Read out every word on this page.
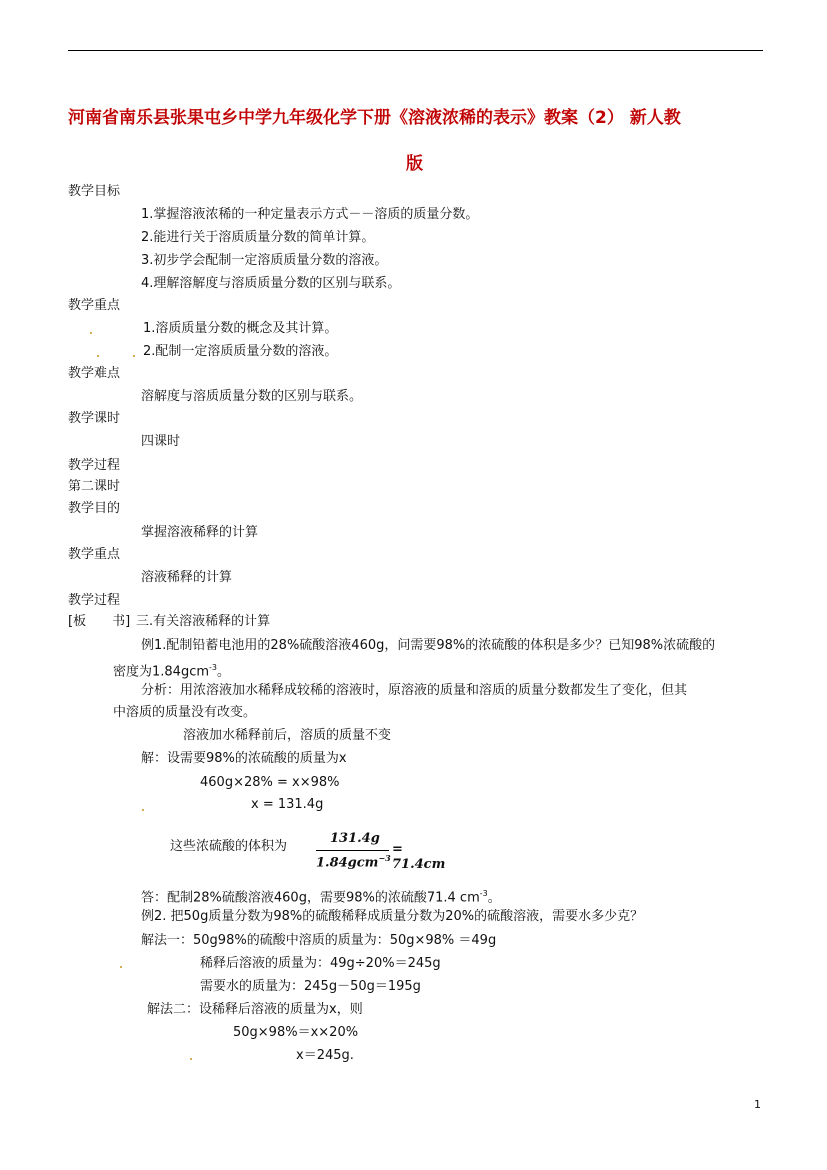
河南省南乐县张果屯乡中学九年级化学下册《溶液浓稀的表示》教案（2） 新人教
版
教学目标
1.掌握溶液浓稀的一种定量表示方式－－溶质的质量分数。
2.能进行关于溶质质量分数的简单计算。
3.初步学会配制一定溶质质量分数的溶液。
4.理解溶解度与溶质质量分数的区别与联系。
教学重点
1.溶质质量分数的概念及其计算。
2.配制一定溶质质量分数的溶液。
教学难点
溶解度与溶质质量分数的区别与联系。
教学课时
四课时
教学过程
第二课时
教学目的
掌握溶液稀释的计算
教学重点
溶液稀释的计算
教学过程
[板　　书] 三.有关溶液稀释的计算
例1.配制铅蓄电池用的28%硫酸溶液460g，问需要98%的浓硫酸的体积是多少？已知98%浓硫酸的
密度为1.84gcm$^{-3}$。
分析：用浓溶液加水稀释成较稀的溶液时，原溶液的质量和溶质的质量分数都发生了变化，但其
中溶质的质量没有改变。
溶液加水稀释前后，溶质的质量不变
解：设需要98%的浓硫酸的质量为x
460g×28% = x×98%
x = 131.4g
这些浓硫酸的体积为
131.4g
1.84gcm$^{-3}$
= 71.4cm
答：配制28%硫酸溶液460g，需要98%的浓硫酸71.4 $cm^{-3}$。
例2. 把50g质量分数为98%的硫酸稀释成质量分数为20%的硫酸溶液，需要水多少克？
解法一：50g98%的硫酸中溶质的质量为：50g×98% ＝49g
稀释后溶液的质量为：49g÷20%＝245g
需要水的质量为：245g－50g＝195g
解法二：设稀释后溶液的质量为x，则
50g×98%＝x×20%
x＝245g.
1
